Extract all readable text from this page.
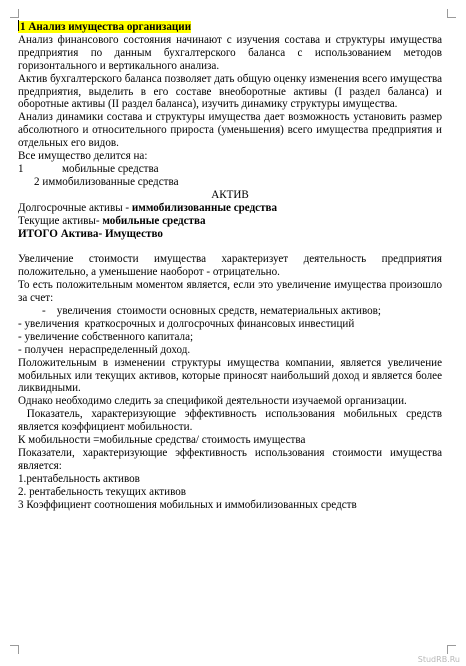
1 Анализ имущества организации

Анализ финансового состояния начинают с изучения состава и структуры имущества предприятия по данным бухгалтерского баланса с использованием методов горизонтального и вертикального анализа.

Актив бухгалтерского баланса позволяет дать общую оценку изменения всего имущества предприятия, выделить в его составе внеоборотные активы (I раздел баланса) и оборотные активы (II раздел баланса), изучить динамику структуры имущества.

Анализ динамики состава и структуры имущества дает возможность установить размер абсолютного и относительного прироста (уменьшения) всего имущества предприятия и отдельных его видов.

Все имущество делится на:

1	мобильные средства
2 иммобилизованные средства

АКТИВ

Долгосрочные активы - иммобилизованные средства

Текущие активы- мобильные средства

ИТОГО Актива- Имущество

Увеличение стоимости имущества характеризует деятельность предприятия положительно, а уменьшение наоборот - отрицательно.

То есть положительным моментом является, если это увеличение имущества произошло за счет:

-    увеличения  стоимости основных средств, нематериальных активов;

- увеличения  краткосрочных и долгосрочных финансовых инвестиций

- увеличение собственного капитала;

- получен  нераспределенный доход.

Положительным в изменении структуры имущества компании, является увеличение мобильных или текущих активов, которые приносят наибольший доход и является более ликвидными.

Однако необходимо следить за спецификой деятельности изучаемой организации.

Показатель, характеризующие эффективность использования мобильных средств является коэффициент мобильности.

К мобильности =мобильные средства/ стоимость имущества

Показатели, характеризующие эффективность использования стоимости имущества является:

1.рентабельность активов

2. рентабельность текущих активов

3 Коэффициент соотношения мобильных и иммобилизованных средств

StudRB.Ru
